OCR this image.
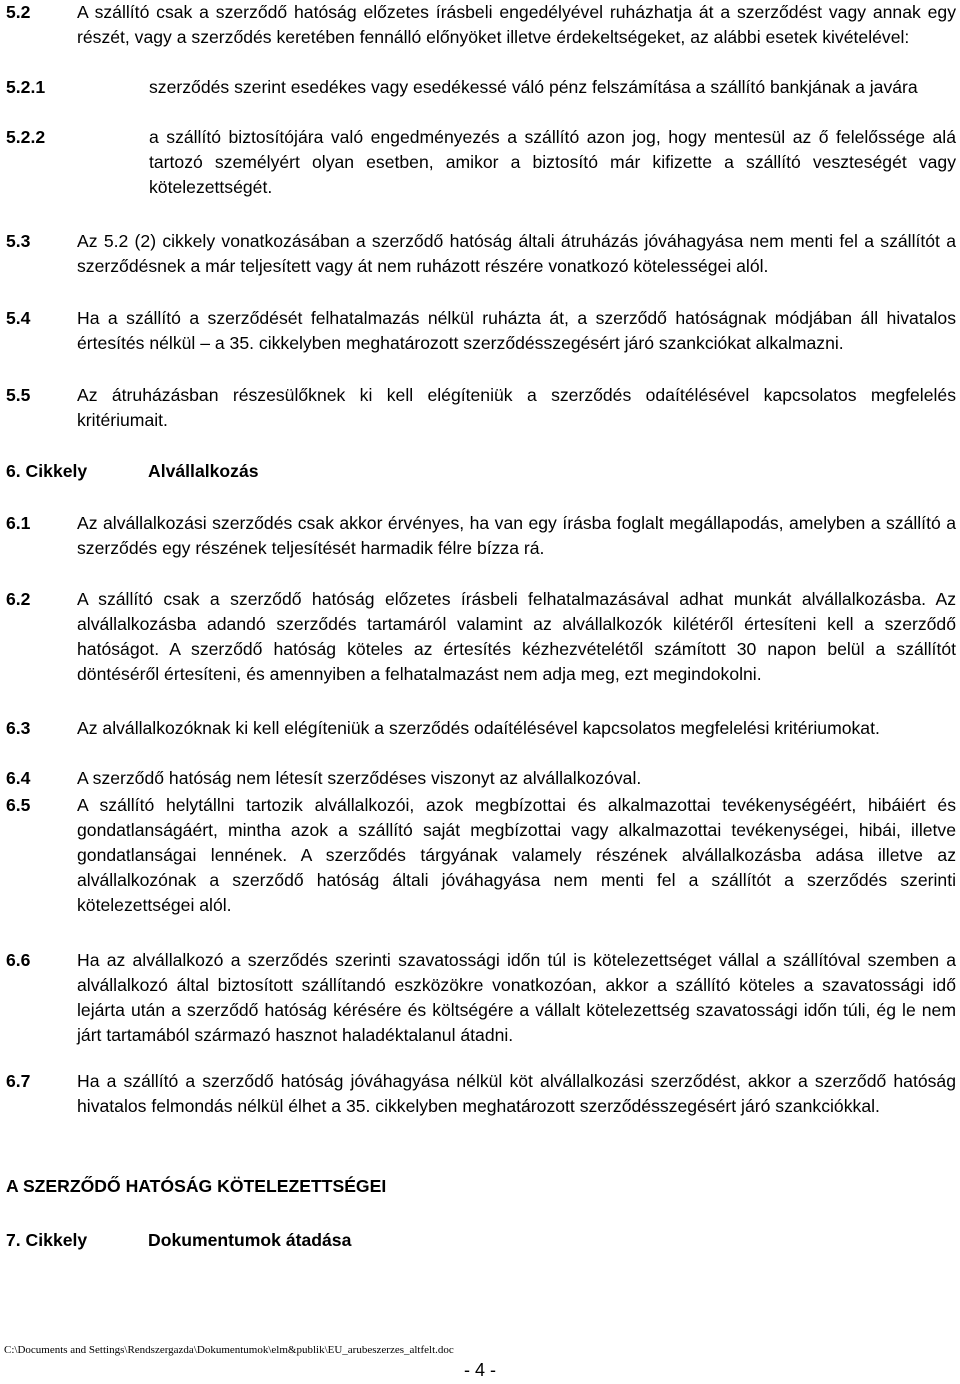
5.2	A szállító csak a szerződő hatóság előzetes írásbeli engedélyével ruházhatja át a szerződést vagy annak egy részét, vagy a szerződés keretében fennálló előnyöket illetve érdekeltségeket, az alábbi esetek kivételével:
5.2.1	szerződés szerint esedékes vagy esedékessé váló pénz felszámítása a szállító bankjának a javára
5.2.2	a szállító biztosítójára való engedményezés a szállító azon jog, hogy mentesül az ő felelőssége alá tartozó személyért olyan esetben, amikor a biztosító már kifizette a szállító veszteségét vagy kötelezettségét.
5.3	Az 5.2 (2) cikkely vonatkozásában a szerződő hatóság általi átruházás jóváhagyása nem menti fel a szállítót a szerződésnek a már teljesített vagy át nem ruházott részére vonatkozó kötelességei alól.
5.4	Ha a szállító a szerződését felhatalmazás nélkül ruházta át, a szerződő hatóságnak módjában áll hivatalos értesítés nélkül – a 35. cikkelyben meghatározott szerződésszegésért járó szankciókat alkalmazni.
5.5	Az átruházásban részesülőknek ki kell elégíteniük a szerződés odaítélésével kapcsolatos megfelelés kritériumait.
6. Cikkely	Alvállalkozás
6.1	Az alvállalkozási szerződés csak akkor érvényes, ha van egy írásba foglalt megállapodás, amelyben a szállító a szerződés egy részének teljesítését harmadik félre bízza rá.
6.2	A szállító csak a szerződő hatóság előzetes írásbeli felhatalmazásával adhat munkát alvállalkozásba. Az alvállalkozásba adandó szerződés tartamáról valamint az alvállalkozók kilétéről értesíteni kell a szerződő hatóságot. A szerződő hatóság köteles az értesítés kézhezvételétől számított 30 napon belül a szállítót döntéséről értesíteni, és amennyiben a felhatalmazást nem adja meg, ezt megindokolni.
6.3	Az alvállalkozóknak ki kell elégíteniük a szerződés odaítélésével kapcsolatos megfelelési kritériumokat.
6.4	A szerződő hatóság nem létesít szerződéses viszonyt az alvállalkozóval.
6.5	A szállító helytállni tartozik alvállalkozói, azok megbízottai és alkalmazottai tevékenységéért, hibáiért és gondatlanságáért, mintha azok a szállító saját megbízottai vagy alkalmazottai tevékenységei, hibái, illetve gondatlanságai lennének. A szerződés tárgyának valamely részének alvállalkozásba adása illetve az alvállalkozónak a szerződő hatóság általi jóváhagyása nem menti fel a szállítót a szerződés szerinti kötelezettségei alól.
6.6	Ha az alvállalkozó a szerződés szerinti szavatossági időn túl is kötelezettséget vállal a szállítóval szemben a alvállalkozó által biztosított szállítandó eszközökre vonatkozóan, akkor a szállító köteles a szavatossági idő lejárta után a szerződő hatóság kérésére és költségére a vállalt kötelezettség szavatossági időn túli, ég le nem járt tartamából származó hasznot haladéktalanul átadni.
6.7	Ha a szállító a szerződő hatóság jóváhagyása nélkül köt alvállalkozási szerződést, akkor a szerződő hatóság hivatalos felmondás nélkül élhet a 35. cikkelyben meghatározott szerződésszegésért járó szankciókkal.
A SZERZŐDŐ HATÓSÁG KÖTELEZETTSÉGEI
7. Cikkely	Dokumentumok átadása
C:\Documents and Settings\Rendszergazda\Dokumentumok\elm&publik\EU_arubeszerzes_altfelt.doc
- 4 -
